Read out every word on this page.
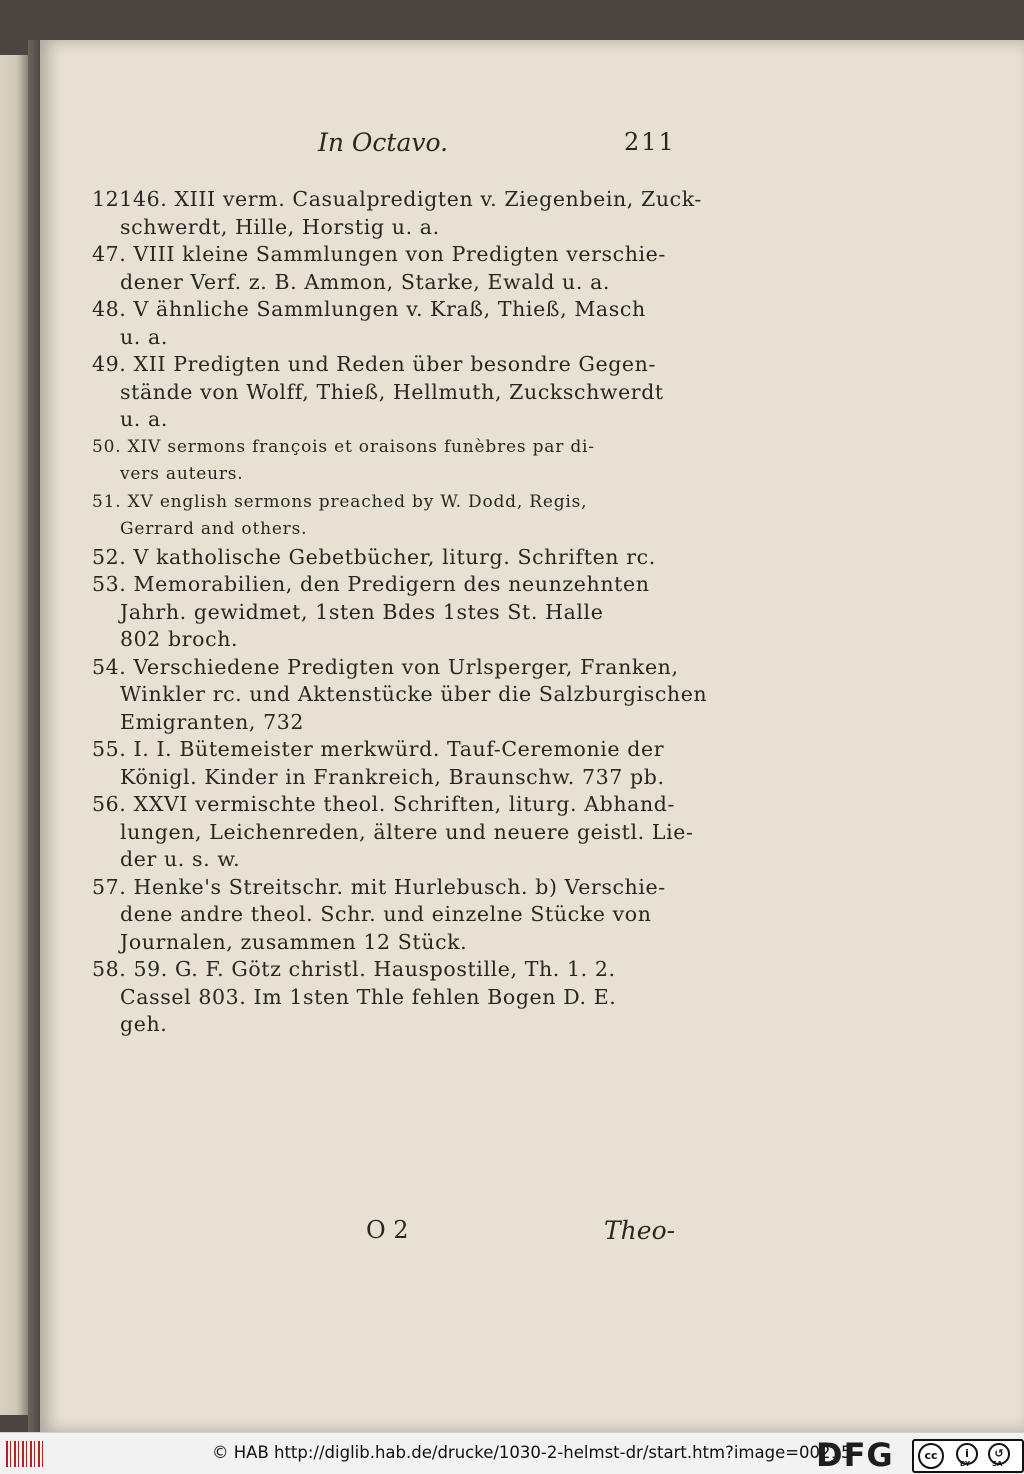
In Octavo.	211
12146. XIII verm. Casualpredigten v. Ziegenbein, Zuck-
schwerdt, Hille, Horstig u. a.
47. VIII kleine Sammlungen von Predigten verschie-
dener Verf. z. B. Ammon, Starke, Ewald u. a.
48. V ähnliche Sammlungen v. Kraß, Thieß, Masch
u. a.
49. XII Predigten und Reden über besondre Gegen-
stände von Wolff, Thieß, Hellmuth, Zuckschwerdt
u. a.
50. XIV sermons françois et oraisons funèbres par di-
vers auteurs.
51. XV english sermons preached by W. Dodd, Regis,
Gerrard and others.
52. V katholische Gebetbücher, liturg. Schriften rc.
53. Memorabilien, den Predigern des neunzehnten
Jahrh. gewidmet, 1sten Bdes 1stes St. Halle
802 broch.
54. Verschiedene Predigten von Urlsperger, Franken,
Winkler rc. und Aktenstücke über die Salzburgischen
Emigranten, 732
55. I. I. Bütemeister merkwürd. Tauf-Ceremonie der
Königl. Kinder in Frankreich, Braunschw. 737 pb.
56. XXVI vermischte theol. Schriften, liturg. Abhand-
lungen, Leichenreden, ältere und neuere geistl. Lie-
der u. s. w.
57. Henke's Streitschr. mit Hurlebusch. b) Verschie-
dene andre theol. Schr. und einzelne Stücke von
Journalen, zusammen 12 Stück.
58. 59. G. F. Götz christl. Hauspostille, Th. 1. 2.
Cassel 803. Im 1sten Thle fehlen Bogen D. E.
geh.
O 2	Theo-
© HAB http://diglib.hab.de/drucke/1030-2-helmst-dr/start.htm?image=00215
DFG	cc	i	↺
BY	SA
